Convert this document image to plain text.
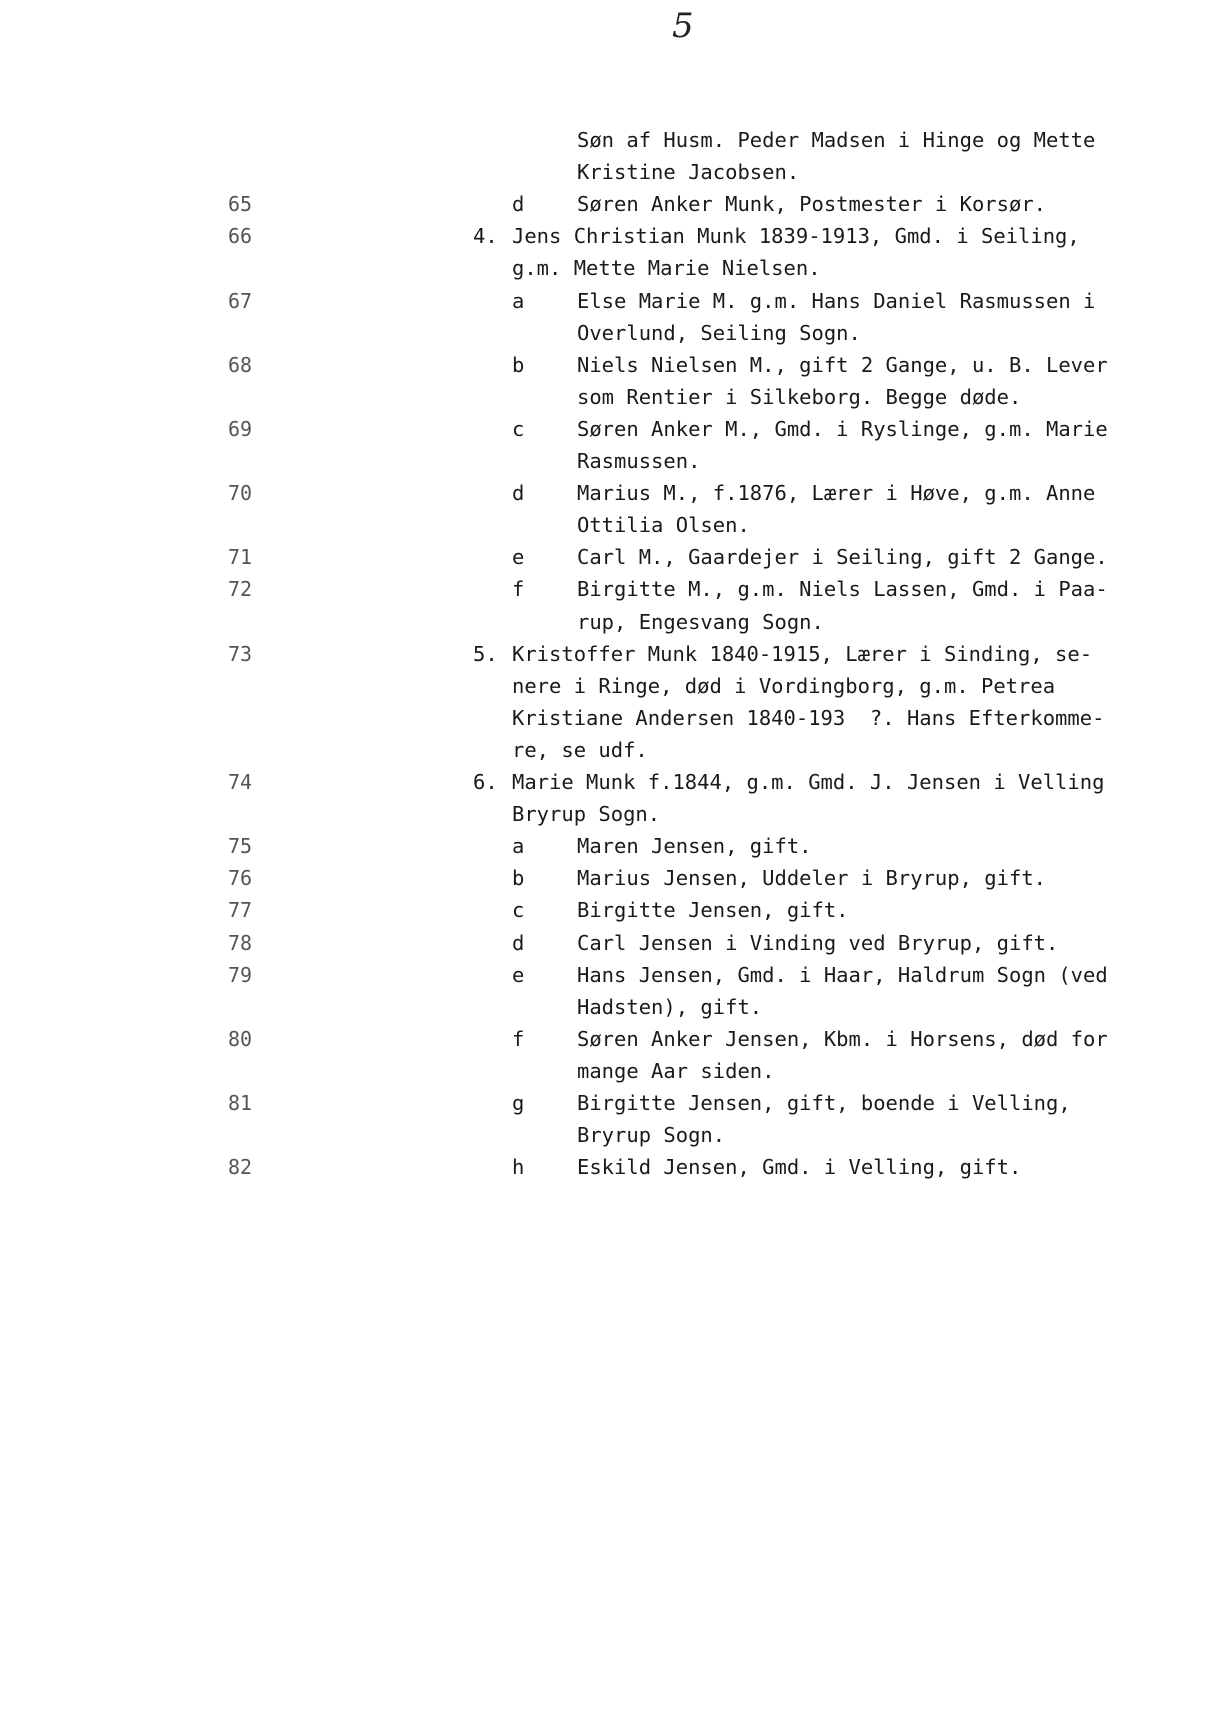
5
Søn af Husm. Peder Madsen i Hinge og Mette
Kristine Jacobsen.
65	d	Søren Anker Munk, Postmester i Korsør.
66	4. Jens Christian Munk 1839-1913, Gmd. i Seiling,
g.m. Mette Marie Nielsen.
67	a	Else Marie M. g.m. Hans Daniel Rasmussen i
Overlund, Seiling Sogn.
68	b	Niels Nielsen M., gift 2 Gange, u. B. Lever
som Rentier i Silkeborg. Begge døde.
69	c	Søren Anker M., Gmd. i Ryslinge, g.m. Marie
Rasmussen.
70	d	Marius M., f.1876, Lærer i Høve, g.m. Anne
Ottilia Olsen.
71	e	Carl M., Gaardejer i Seiling, gift 2 Gange.
72	f	Birgitte M., g.m. Niels Lassen, Gmd. i Paa-
rup, Engesvang Sogn.
73	5. Kristoffer Munk 1840-1915, Lærer i Sinding, se-
nere i Ringe, død i Vordingborg, g.m. Petrea
Kristiane Andersen 1840-193  ?. Hans Efterkomme-
re, se udf.
74	6. Marie Munk f.1844, g.m. Gmd. J. Jensen i Velling
Bryrup Sogn.
75	a	Maren Jensen, gift.
76	b	Marius Jensen, Uddeler i Bryrup, gift.
77	c	Birgitte Jensen, gift.
78	d	Carl Jensen i Vinding ved Bryrup, gift.
79	e	Hans Jensen, Gmd. i Haar, Haldrum Sogn (ved
Hadsten), gift.
80	f	Søren Anker Jensen, Kbm. i Horsens, død for
mange Aar siden.
81	g	Birgitte Jensen, gift, boende i Velling,
Bryrup Sogn.
82	h	Eskild Jensen, Gmd. i Velling, gift.
